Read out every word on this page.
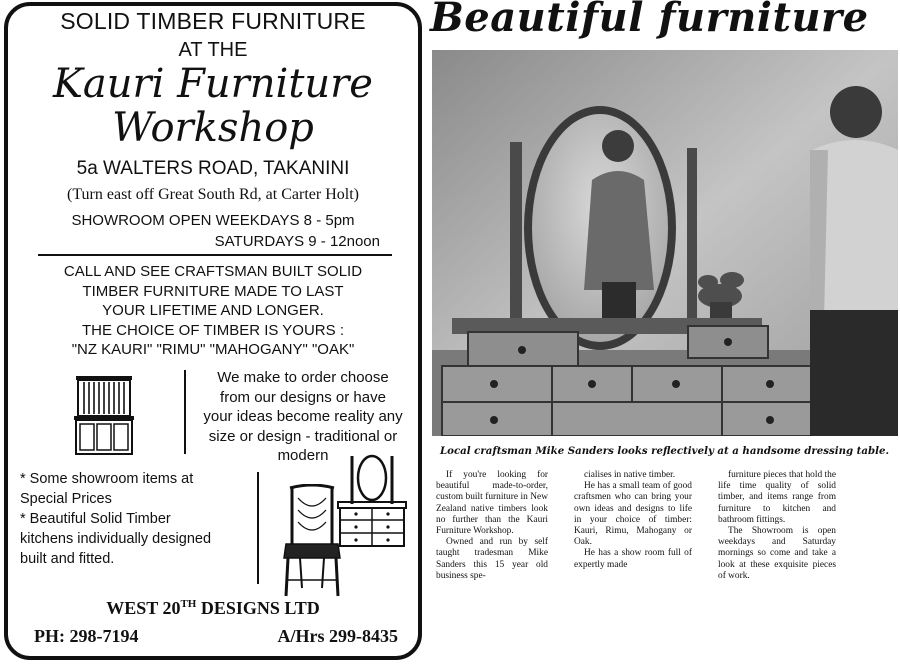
SOLID TIMBER FURNITURE
AT THE
Kauri Furniture
Workshop
5a WALTERS ROAD, TAKANINI
(Turn east off Great South Rd, at Carter Holt)
SHOWROOM OPEN WEEKDAYS 8 - 5pm
SATURDAYS 9 - 12noon
CALL AND SEE CRAFTSMAN BUILT SOLID
TIMBER FURNITURE MADE TO LAST
YOUR LIFETIME AND LONGER.
THE CHOICE OF TIMBER IS YOURS :
"NZ KAURI" "RIMU" "MAHOGANY" "OAK"
We make to order choose
from our designs or have
your ideas become reality any
size or design - traditional or
modern
* Some showroom items at
Special Prices
* Beautiful Solid Timber
kitchens individually designed
built and fitted.
WEST 20TH DESIGNS LTD
PH: 298-7194	A/Hrs 299-8435
Beautiful furniture
Local craftsman Mike Sanders looks reflectively at a handsome dressing table.

If you're looking for beautiful made-to-order, custom built furniture in New Zealand native timbers look no further than the Kauri Furniture Workshop.

Owned and run by self taught tradesman Mike Sanders this 15 year old business spe-

cialises in native timber.

He has a small team of good craftsmen who can bring your own ideas and designs to life in your choice of timber: Kauri, Rimu, Mahogany or Oak.

He has a show room full of expertly made

furniture pieces that hold the life time quality of solid timber, and items range from furniture to kitchen and bathroom fittings.

The Showroom is open weekdays and Saturday mornings so come and take a look at these exquisite pieces of work.
